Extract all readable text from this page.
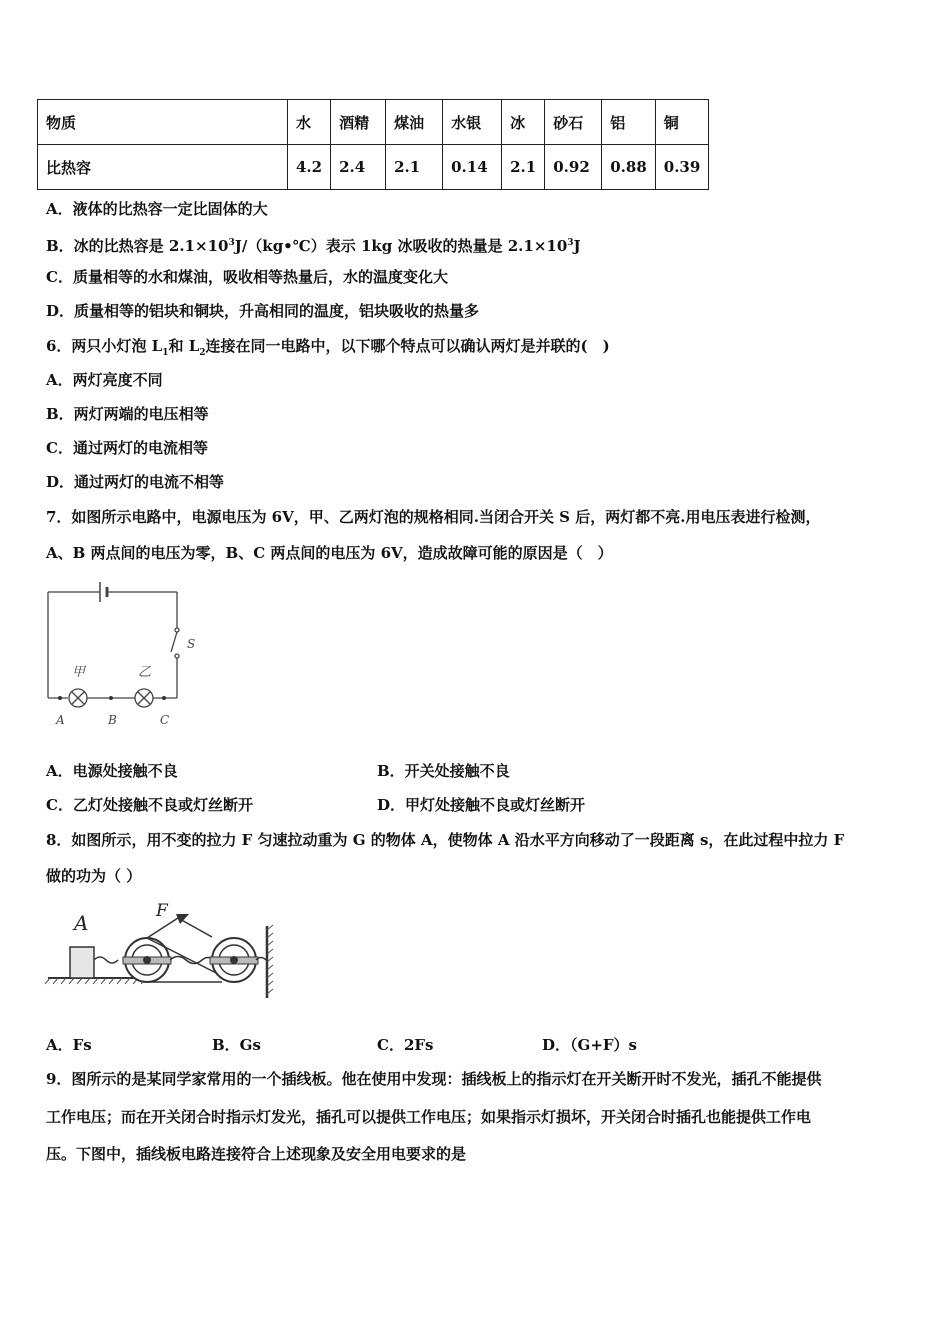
物质	水	酒精	煤油	水银	冰	砂石	铝	铜
比热容	4.2	2.4	2.1	0.14	2.1	0.92	0.88	0.39
A．液体的比热容一定比固体的大
B．冰的比热容是 $2.1\times 10^3J/(kg•℃)$表示 1kg 冰吸收的热量是 $2.1\times 10^3J$
C．质量相等的水和煤油，吸收相等热量后，水的温度变化大
D．质量相等的铝块和铜块，升高相同的温度，铝块吸收的热量多
6．两只小灯泡 $L_1$和 $L_2$连接在同一电路中，以下哪个特点可以确认两灯是并联的(　)
A．两灯亮度不同
B．两灯两端的电压相等
C．通过两灯的电流相等
D．通过两灯的电流不相等
7．如图所示电路中，电源电压为 6V，甲、乙两灯泡的规格相同.当闭合开关 S 后，两灯都不亮.用电压表进行检测，
A、B 两点间的电压为零，B、C 两点间的电压为 6V，造成故障可能的原因是（　）
甲	乙
S
A	B	C
A．电源处接触不良	B．开关处接触不良
C．乙灯处接触不良或灯丝断开	D．甲灯处接触不良或灯丝断开
8．如图所示，用不变的拉力 F 匀速拉动重为 G 的物体 A，使物体 A 沿水平方向移动了一段距离 s，在此过程中拉力 F
做的功为（ ）
A	F
A．Fs	B．Gs	C．2Fs	D．（G+F）s
9．图所示的是某同学家常用的一个插线板。他在使用中发现：插线板上的指示灯在开关断开时不发光，插孔不能提供
工作电压；而在开关闭合时指示灯发光，插孔可以提供工作电压；如果指示灯损坏，开关闭合时插孔也能提供工作电
压。下图中，插线板电路连接符合上述现象及安全用电要求的是
